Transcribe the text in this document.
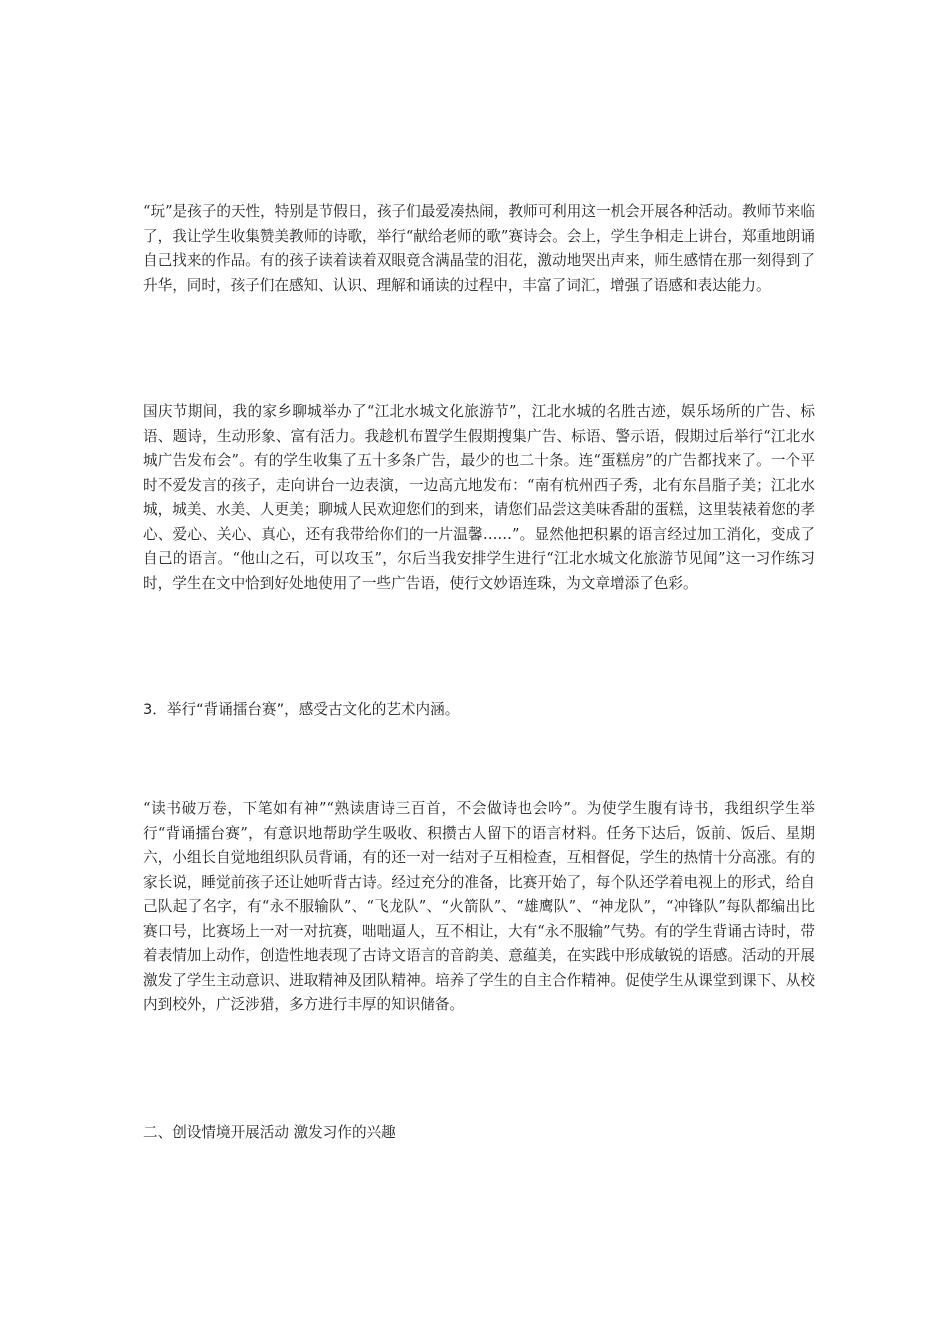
“玩”是孩子的天性，特别是节假日，孩子们最爱凑热闹，教师可利用这一机会开展各种活动。教师节来临了，我让学生收集赞美教师的诗歌，举行“献给老师的歌”赛诗会。会上，学生争相走上讲台，郑重地朗诵自己找来的作品。有的孩子读着读着双眼竟含满晶莹的泪花，激动地哭出声来，师生感情在那一刻得到了升华，同时，孩子们在感知、认识、理解和诵读的过程中，丰富了词汇，增强了语感和表达能力。

国庆节期间，我的家乡聊城举办了“江北水城文化旅游节”，江北水城的名胜古迹，娱乐场所的广告、标语、题诗，生动形象、富有活力。我趁机布置学生假期搜集广告、标语、警示语，假期过后举行“江北水城广告发布会”。有的学生收集了五十多条广告，最少的也二十条。连“蛋糕房”的广告都找来了。一个平时不爱发言的孩子，走向讲台一边表演，一边高亢地发布：“南有杭州西子秀，北有东昌脂子美；江北水城，城美、水美、人更美；聊城人民欢迎您们的到来，请您们品尝这美味香甜的蛋糕，这里装裱着您的孝心、爱心、关心、真心，还有我带给你们的一片温馨……”。显然他把积累的语言经过加工消化，变成了自己的语言。“他山之石，可以攻玉”，尔后当我安排学生进行“江北水城文化旅游节见闻”这一习作练习时，学生在文中恰到好处地使用了一些广告语，使行文妙语连珠，为文章增添了色彩。

3．举行“背诵擂台赛”，感受古文化的艺术内涵。

“读书破万卷，下笔如有神”“熟读唐诗三百首，不会做诗也会吟”。为使学生腹有诗书，我组织学生举行“背诵擂台赛”，有意识地帮助学生吸收、积攒古人留下的语言材料。任务下达后，饭前、饭后、星期六，小组长自觉地组织队员背诵，有的还一对一结对子互相检查，互相督促，学生的热情十分高涨。有的家长说，睡觉前孩子还让她听背古诗。经过充分的准备，比赛开始了，每个队还学着电视上的形式，给自己队起了名字，有“永不服输队”、“飞龙队”、“火箭队”、“雄鹰队”、“神龙队”，“冲锋队”每队都编出比赛口号，比赛场上一对一对抗赛，咄咄逼人，互不相让，大有“永不服输”气势。有的学生背诵古诗时，带着表情加上动作，创造性地表现了古诗文语言的音韵美、意蕴美，在实践中形成敏锐的语感。活动的开展激发了学生主动意识、进取精神及团队精神。培养了学生的自主合作精神。促使学生从课堂到课下、从校内到校外，广泛涉猎，多方进行丰厚的知识储备。

二、创设情境开展活动 激发习作的兴趣
